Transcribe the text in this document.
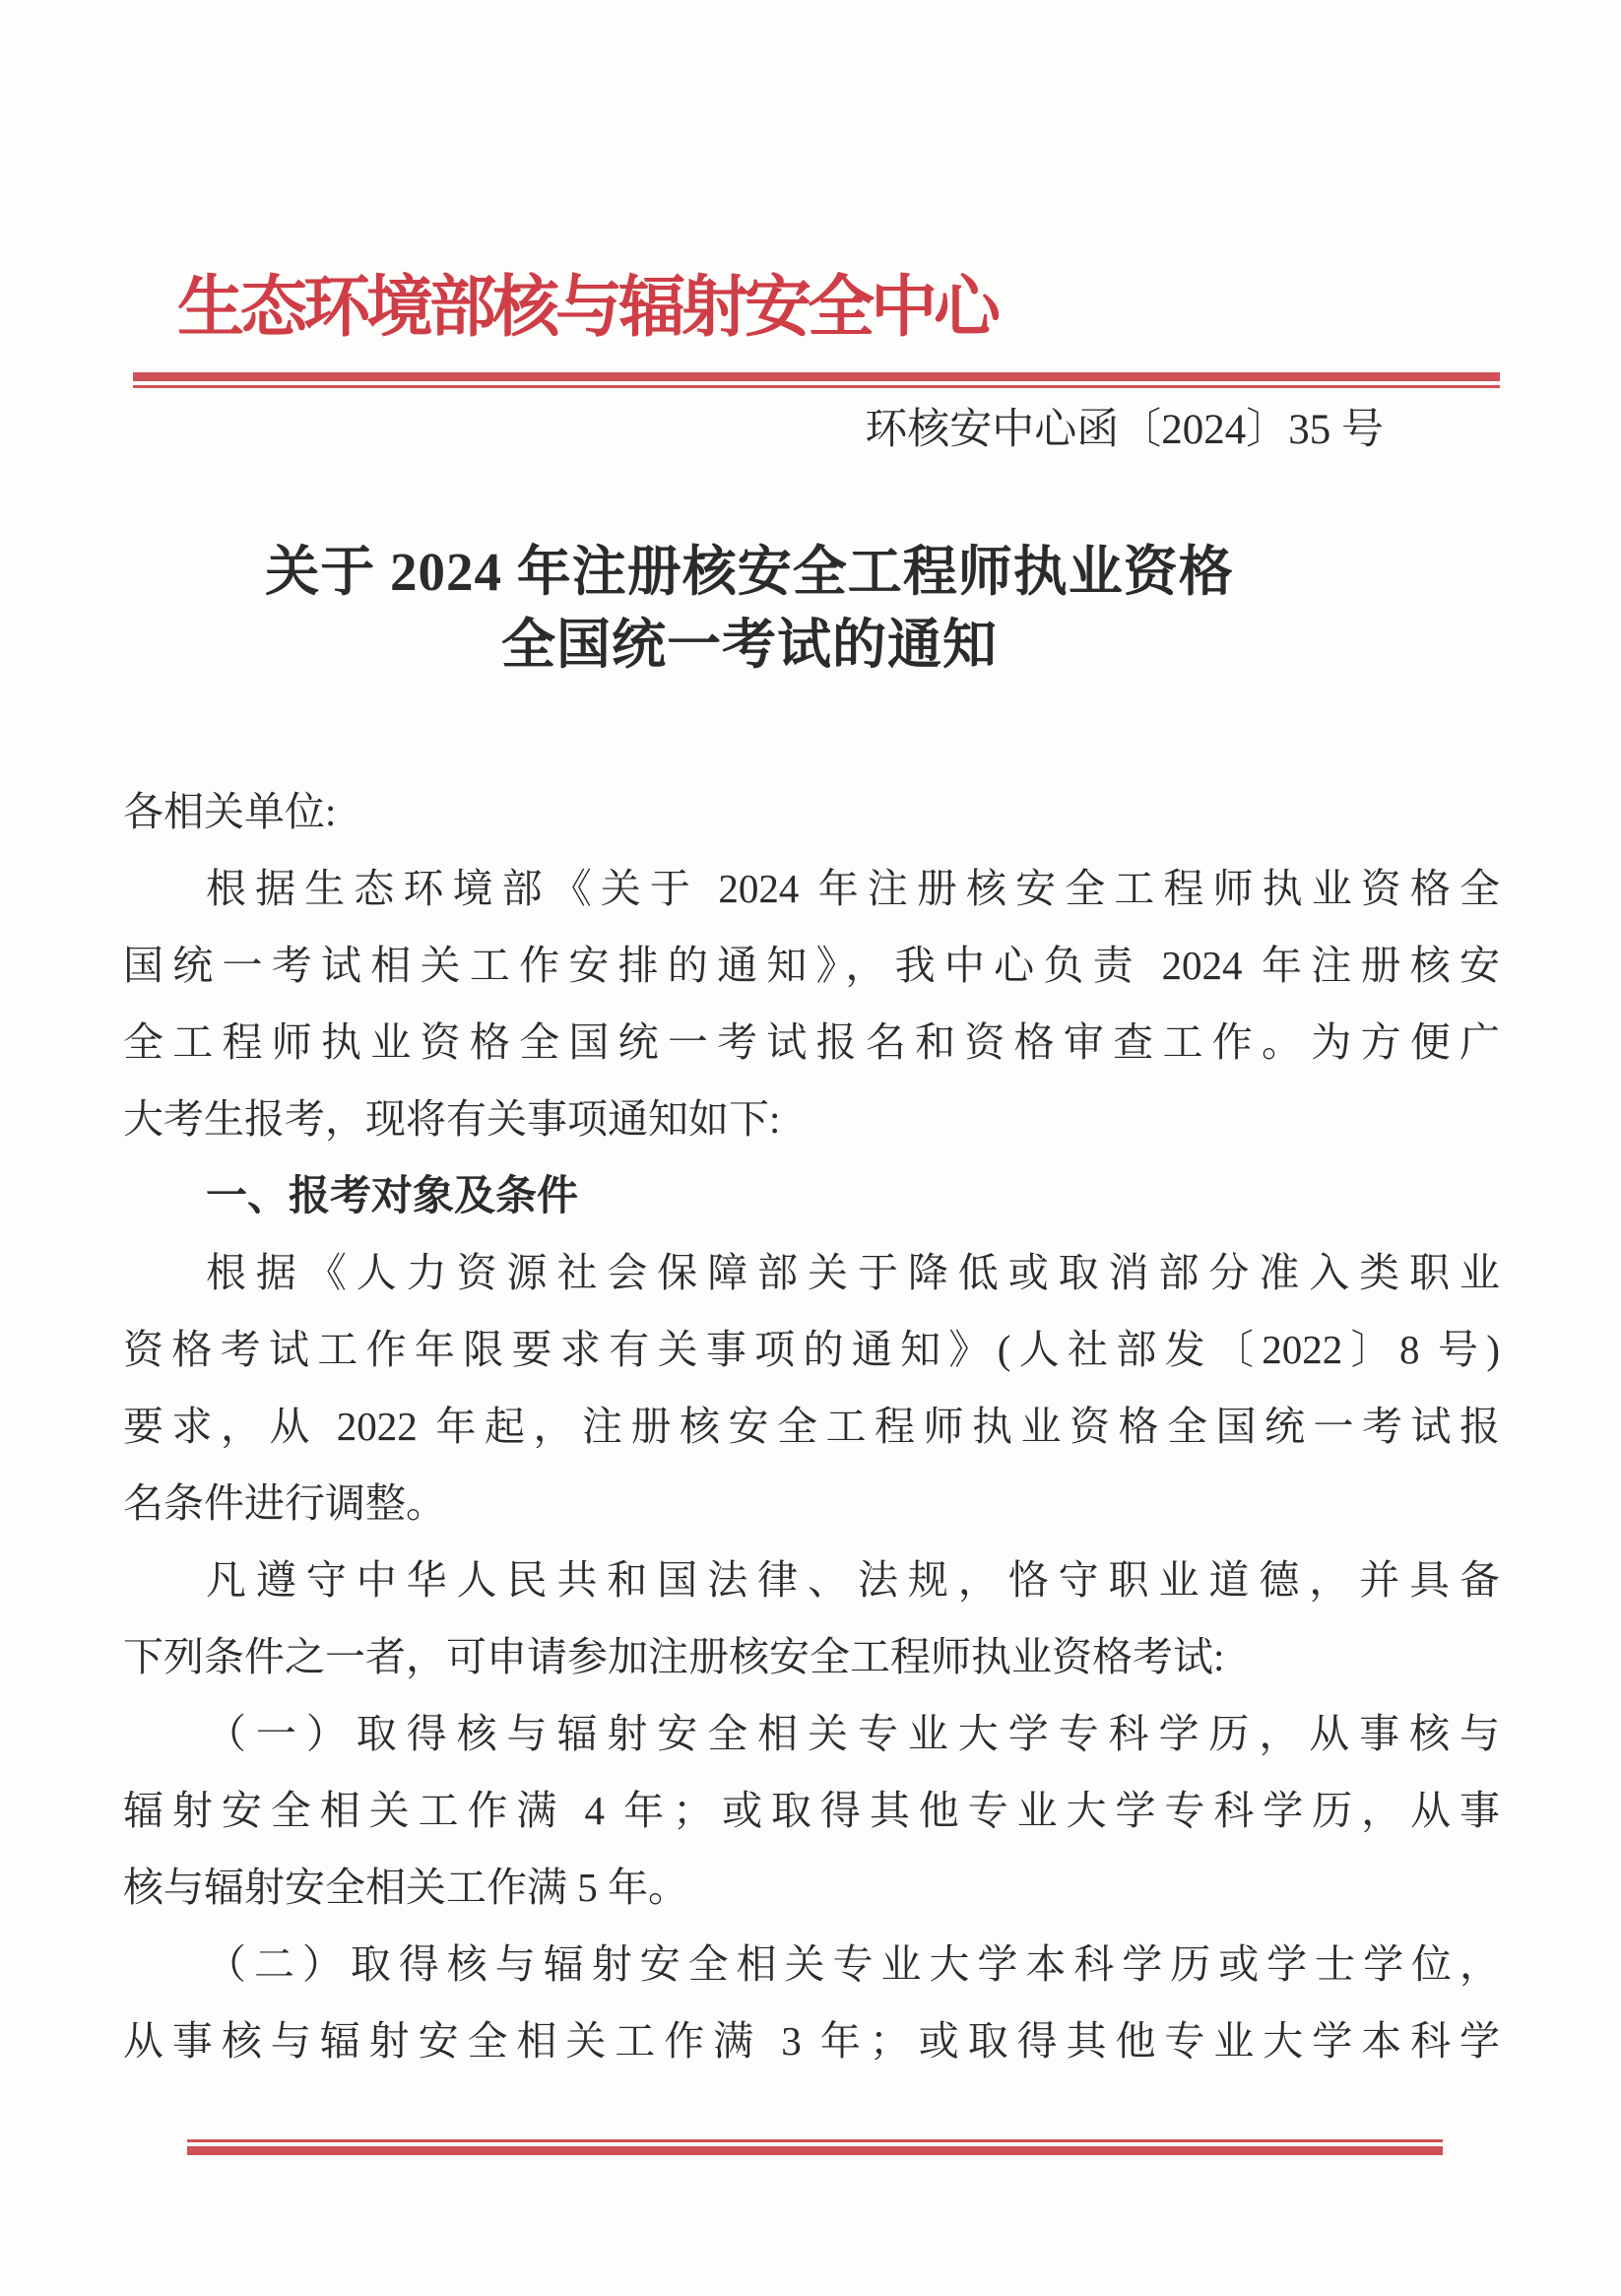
生态环境部核与辐射安全中心
环核安中心函〔2024〕35 号
关于 2024 年注册核安全工程师执业资格
全国统一考试的通知
各相关单位:
根据生态环境部《关于 2024 年注册核安全工程师执业资格全
国统一考试相关工作安排的通知》，我中心负责 2024 年注册核安
全工程师执业资格全国统一考试报名和资格审查工作。为方便广
大考生报考，现将有关事项通知如下:
一、报考对象及条件
根据《人力资源社会保障部关于降低或取消部分准入类职业
资格考试工作年限要求有关事项的通知》(人社部发〔2022〕8 号)
要求，从 2022 年起，注册核安全工程师执业资格全国统一考试报
名条件进行调整。
凡遵守中华人民共和国法律、法规，恪守职业道德，并具备
下列条件之一者，可申请参加注册核安全工程师执业资格考试:
（一）取得核与辐射安全相关专业大学专科学历，从事核与
辐射安全相关工作满 4 年；或取得其他专业大学专科学历，从事
核与辐射安全相关工作满 5 年。
（二）取得核与辐射安全相关专业大学本科学历或学士学位，
从事核与辐射安全相关工作满 3 年；或取得其他专业大学本科学
